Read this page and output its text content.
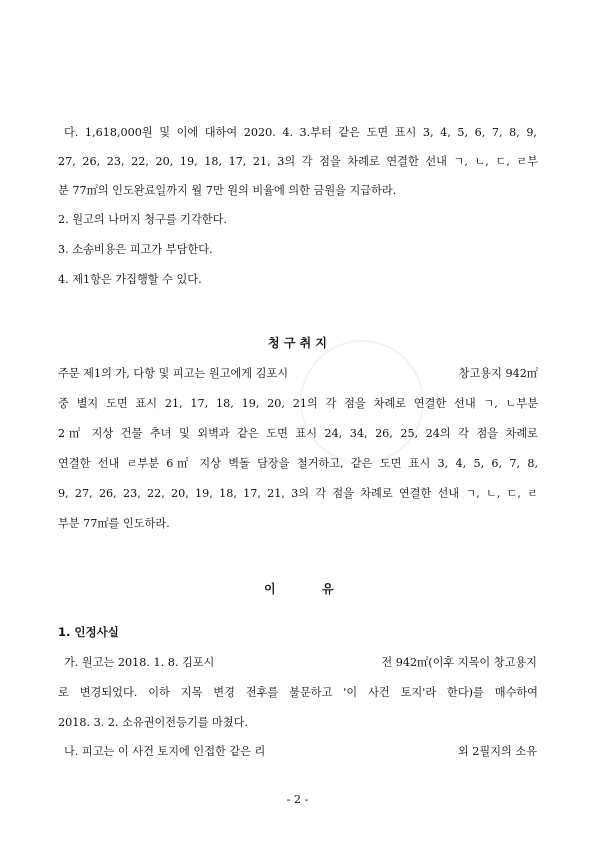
다. 1,618,000원 및 이에 대하여 2020. 4. 3.부터 같은 도면 표시 3, 4, 5, 6, 7, 8, 9,
27, 26, 23, 22, 20, 19, 18, 17, 21, 3의 각 점을 차례로 연결한 선내 ㄱ, ㄴ, ㄷ, ㄹ부
분 77㎡의 인도완료일까지 월 7만 원의 비율에 의한 금원을 지급하라.
2. 원고의 나머지 청구를 기각한다.
3. 소송비용은 피고가 부담한다.
4. 제1항은 가집행할 수 있다.
청 구 취 지
주문 제1의 가, 다항 및 피고는 원고에게 김포시	창고용지 942㎡
중 별지 도면 표시 21, 17, 18, 19, 20, 21의 각 점을 차례로 연결한 선내 ㄱ, ㄴ부분
2㎡ 지상 건물 추녀 및 외벽과 같은 도면 표시 24, 34, 26, 25, 24의 각 점을 차례로
연결한 선내 ㄹ부분 6㎡ 지상 벽돌 담장을 철거하고, 같은 도면 표시 3, 4, 5, 6, 7, 8,
9, 27, 26, 23, 22, 20, 19, 18, 17, 21, 3의 각 점을 차례로 연결한 선내 ㄱ, ㄴ, ㄷ, ㄹ
부분 77㎡를 인도하라.
이	유
1. 인정사실
가. 원고는 2018. 1. 8. 김포시	전 942㎡(이후 지목이 창고용지
로 변경되었다. 이하 지목 변경 전후를 불문하고 '이 사건 토지'라 한다)를 매수하여
2018. 3. 2. 소유권이전등기를 마쳤다.
나. 피고는 이 사건 토지에 인접한 같은 리	외 2필지의 소유
- 2 -
